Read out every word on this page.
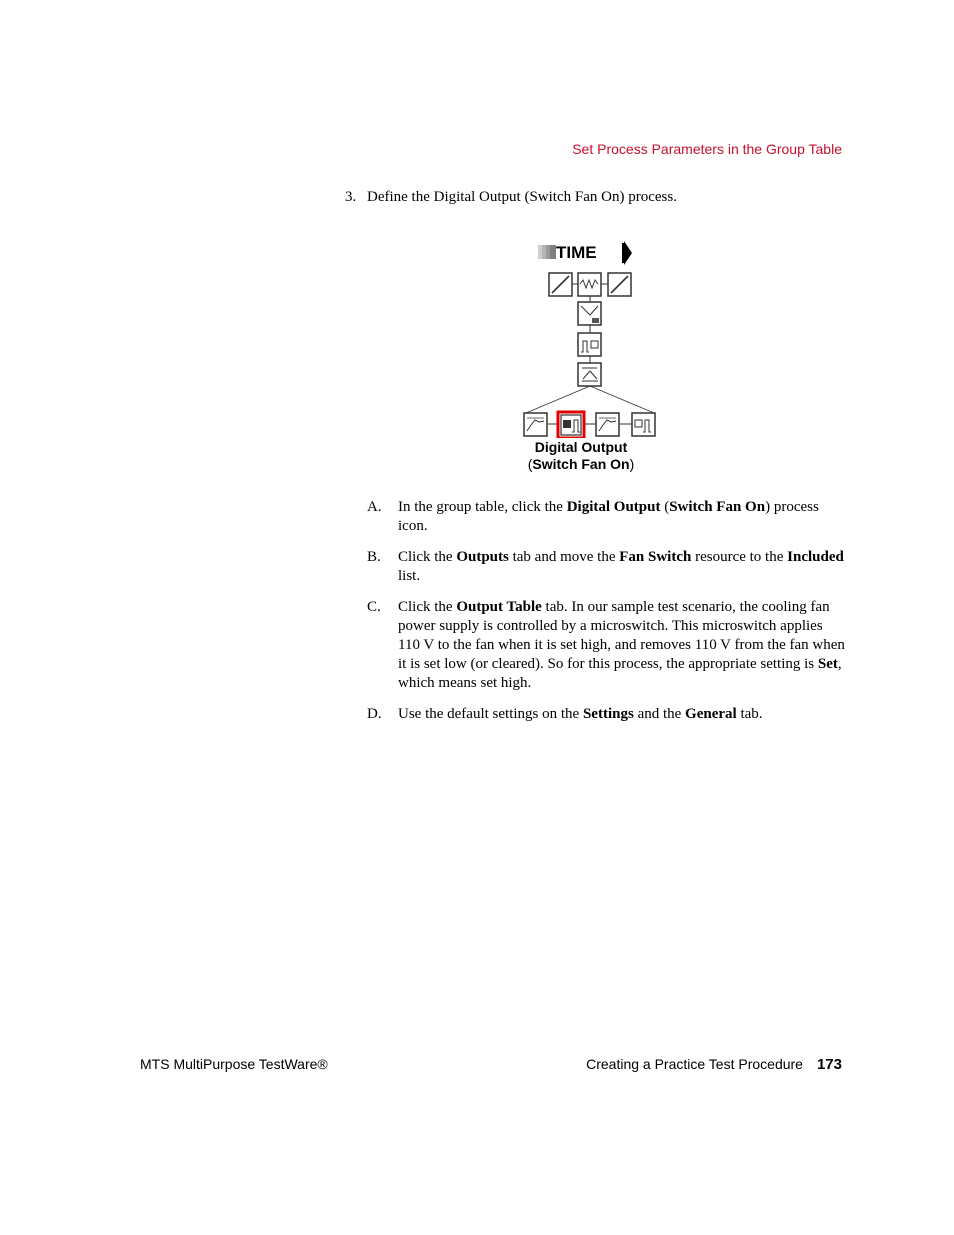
Set Process Parameters in the Group Table
3. Define the Digital Output (Switch Fan On) process.
TIME
Digital Output
(Switch Fan On)
A. In the group table, click the Digital Output (Switch Fan On) process icon.
B. Click the Outputs tab and move the Fan Switch resource to the Included list.
C. Click the Output Table tab. In our sample test scenario, the cooling fan power supply is controlled by a microswitch. This microswitch applies 110 V to the fan when it is set high, and removes 110 V from the fan when it is set low (or cleared). So for this process, the appropriate setting is Set, which means set high.
D. Use the default settings on the Settings and the General tab.
MTS MultiPurpose TestWare®	Creating a Practice Test Procedure 173
